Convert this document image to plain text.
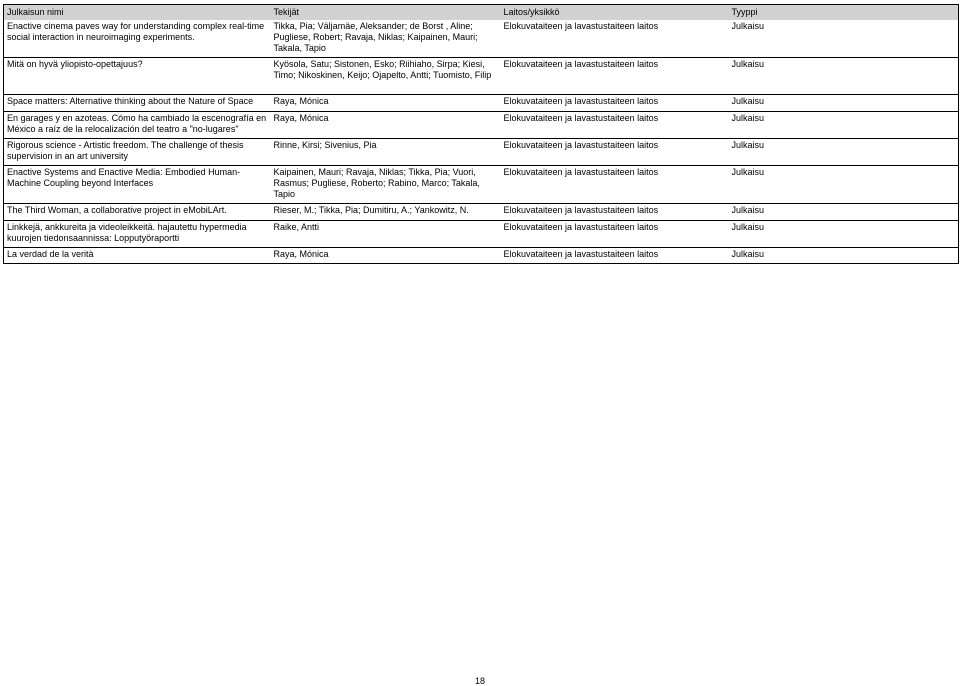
Julkaisun nimi	Tekijät	Laitos/yksikkö	Tyyppi
Enactive cinema paves way for understanding complex real-time social interaction in neuroimaging experiments.	Tikka, Pia; Väljamäe, Aleksander; de Borst , Aline; Pugliese, Robert; Ravaja, Niklas; Kaipainen, Mauri; Takala, Tapio	Elokuvataiteen ja lavastustaiteen laitos	Julkaisu
Mitä on hyvä yliopisto-opettajuus?	Kyösola, Satu; Sistonen, Esko; Riihiaho, Sirpa; Kiesi, Timo; Nikoskinen, Keijo; Ojapelto, Antti; Tuomisto, Filip	Elokuvataiteen ja lavastustaiteen laitos	Julkaisu
Space matters: Alternative thinking about the Nature of Space	Raya, Mónica	Elokuvataiteen ja lavastustaiteen laitos	Julkaisu
En garages y en azoteas. Cómo ha cambiado la escenografía en México a raíz de la relocalización del teatro a "no-lugares"	Raya, Mónica	Elokuvataiteen ja lavastustaiteen laitos	Julkaisu
Rigorous science - Artistic freedom. The challenge of thesis supervision in an art university	Rinne, Kirsi; Sivenius, Pia	Elokuvataiteen ja lavastustaiteen laitos	Julkaisu
Enactive Systems and Enactive Media: Embodied Human-Machine Coupling beyond Interfaces	Kaipainen, Mauri; Ravaja, Niklas; Tikka, Pia; Vuori, Rasmus; Pugliese, Roberto; Rabino, Marco; Takala, Tapio	Elokuvataiteen ja lavastustaiteen laitos	Julkaisu
The Third Woman, a collaborative project in eMobiLArt.	Rieser, M.; Tikka, Pia; Dumitiru, A.; Yankowitz, N.	Elokuvataiteen ja lavastustaiteen laitos	Julkaisu
Linkkejä, ankkureita ja videoleikkeitä. hajautettu hypermedia kuurojen tiedonsaannissa: Lopputyöraportti	Raike, Antti	Elokuvataiteen ja lavastustaiteen laitos	Julkaisu
La verdad de la verità	Raya, Mónica	Elokuvataiteen ja lavastustaiteen laitos	Julkaisu
18
